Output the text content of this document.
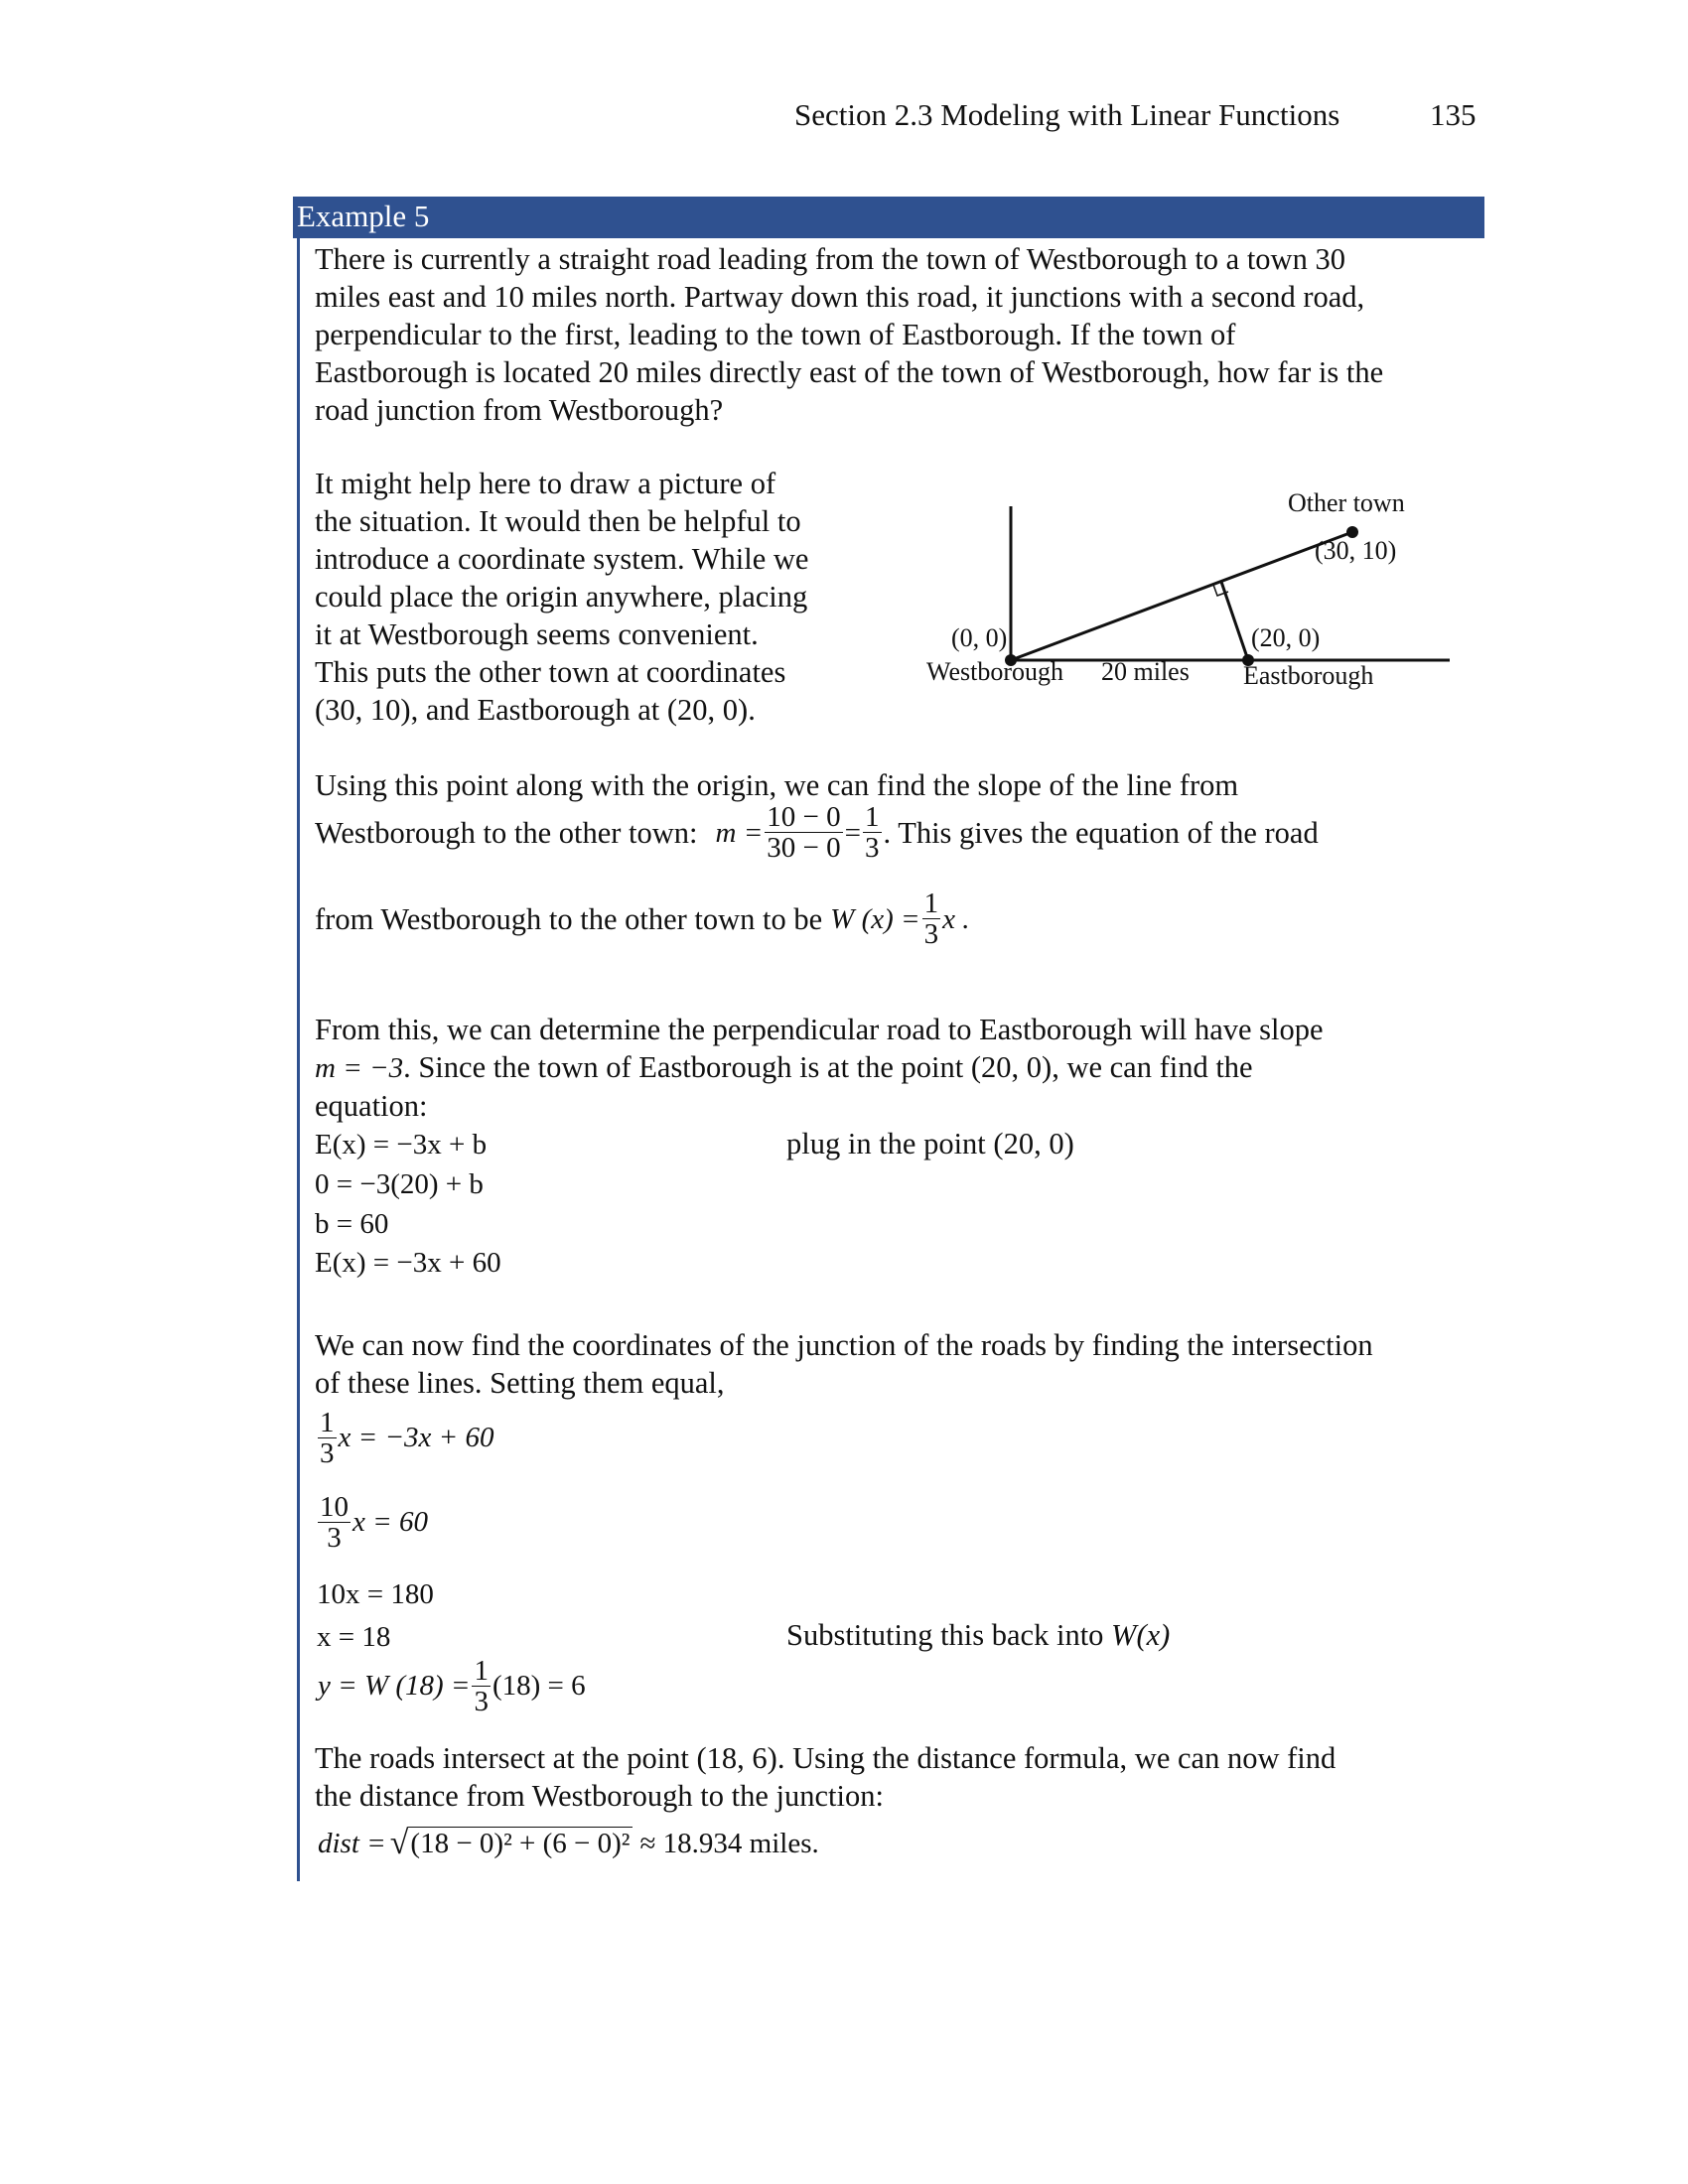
Section 2.3 Modeling with Linear Functions	135
Example 5
There is currently a straight road leading from the town of Westborough to a town 30
miles east and 10 miles north. Partway down this road, it junctions with a second road,
perpendicular to the first, leading to the town of Eastborough. If the town of
Eastborough is located 20 miles directly east of the town of Westborough, how far is the
road junction from Westborough?
It might help here to draw a picture of
the situation. It would then be helpful to
introduce a coordinate system. While we
could place the origin anywhere, placing
it at Westborough seems convenient.
This puts the other town at coordinates
(30, 10), and Eastborough at (20, 0).
Other town
(30, 10)
(0, 0)
Westborough 20 miles
(20, 0)
Eastborough
Using this point along with the origin, we can find the slope of the line from
Westborough to the other town: $m = \frac{10 - 0}{30 - 0} = \frac{1}{3}$ . This gives the equation of the road
from Westborough to the other town to be W $(x) = \frac{1}{3}$ x .
From this, we can determine the perpendicular road to Eastborough will have slope
m = −3. Since the town of Eastborough is at the point (20, 0), we can find the
equation:
E(x) = −3x + b
0 = −3(20) + b
b = 60
E(x) = −3x + 60
plug in the point (20, 0)
We can now find the coordinates of the junction of the roads by finding the intersection
of these lines. Setting them equal,
$\frac{1}{3}$ x = −3x + 60
$\frac{10}{3}$ x = 60
10x = 180
x = 18	Substituting this back into W(x)
y = W $(18) = \frac{1}{3} (18) = 6$
The roads intersect at the point (18, 6). Using the distance formula, we can now find
the distance from Westborough to the junction:
dist = √ (18 − 0)² + (6 − 0)² ≈ 18.934 miles.
